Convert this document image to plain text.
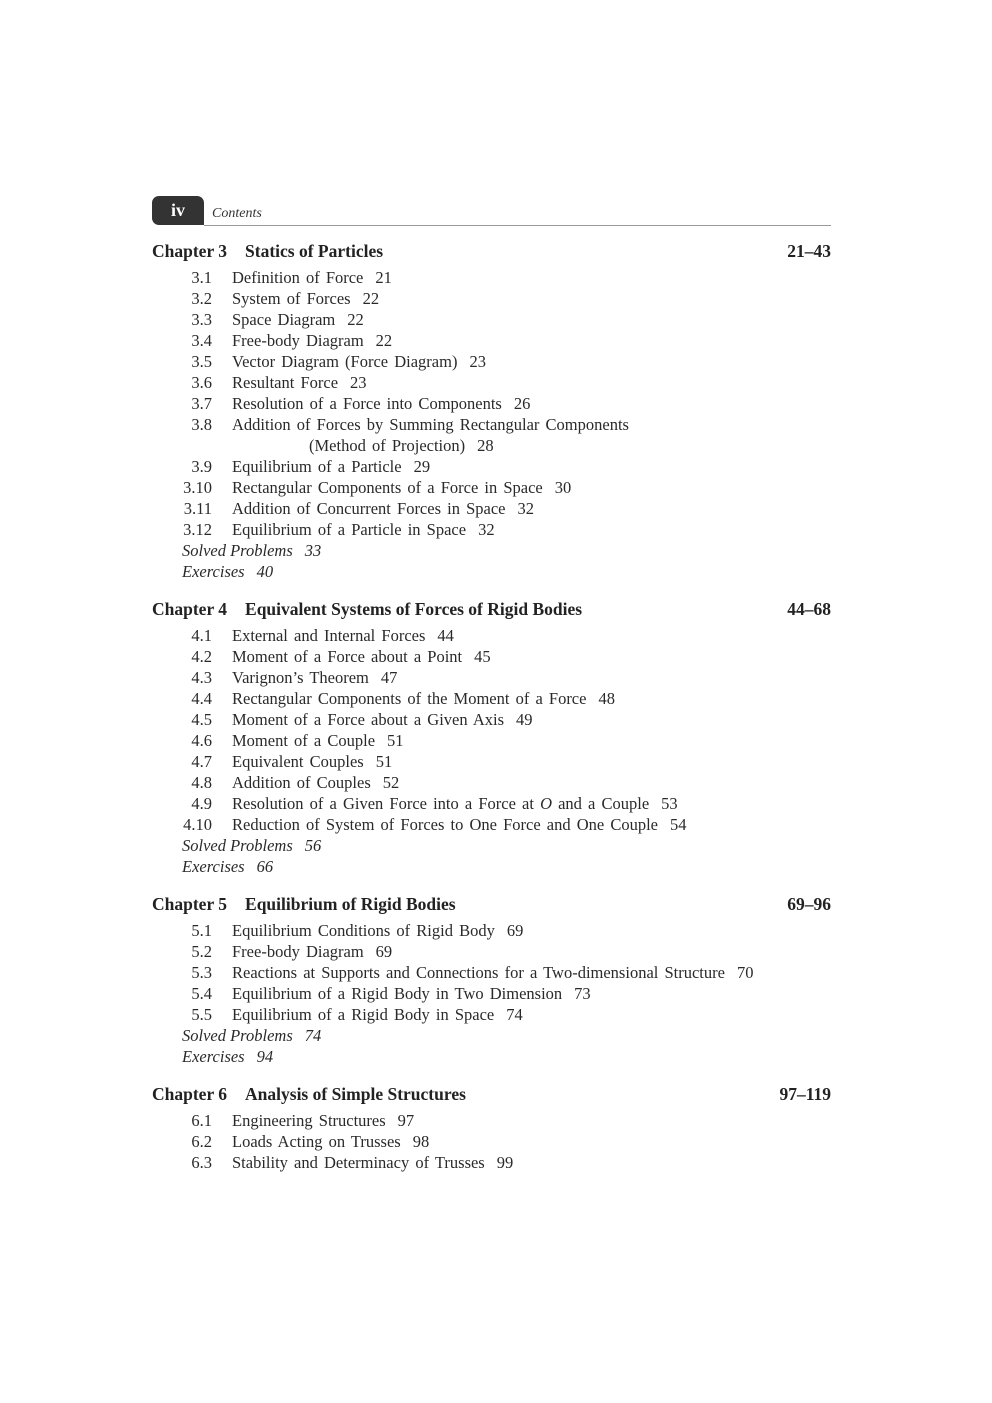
iv	Contents
Chapter 3 Statics of Particles	21–43
3.1 Definition of Force 21
3.2 System of Forces 22
3.3 Space Diagram 22
3.4 Free-body Diagram 22
3.5 Vector Diagram (Force Diagram) 23
3.6 Resultant Force 23
3.7 Resolution of a Force into Components 26
3.8 Addition of Forces by Summing Rectangular Components
(Method of Projection) 28
3.9 Equilibrium of a Particle 29
3.10 Rectangular Components of a Force in Space 30
3.11 Addition of Concurrent Forces in Space 32
3.12 Equilibrium of a Particle in Space 32
Solved Problems 33
Exercises 40
Chapter 4 Equivalent Systems of Forces of Rigid Bodies	44–68
4.1 External and Internal Forces 44
4.2 Moment of a Force about a Point 45
4.3 Varignon’s Theorem 47
4.4 Rectangular Components of the Moment of a Force 48
4.5 Moment of a Force about a Given Axis 49
4.6 Moment of a Couple 51
4.7 Equivalent Couples 51
4.8 Addition of Couples 52
4.9 Resolution of a Given Force into a Force at O and a Couple 53
4.10 Reduction of System of Forces to One Force and One Couple 54
Solved Problems 56
Exercises 66
Chapter 5 Equilibrium of Rigid Bodies	69–96
5.1 Equilibrium Conditions of Rigid Body 69
5.2 Free-body Diagram 69
5.3 Reactions at Supports and Connections for a Two-dimensional Structure 70
5.4 Equilibrium of a Rigid Body in Two Dimension 73
5.5 Equilibrium of a Rigid Body in Space 74
Solved Problems 74
Exercises 94
Chapter 6 Analysis of Simple Structures	97–119
6.1 Engineering Structures 97
6.2 Loads Acting on Trusses 98
6.3 Stability and Determinacy of Trusses 99
